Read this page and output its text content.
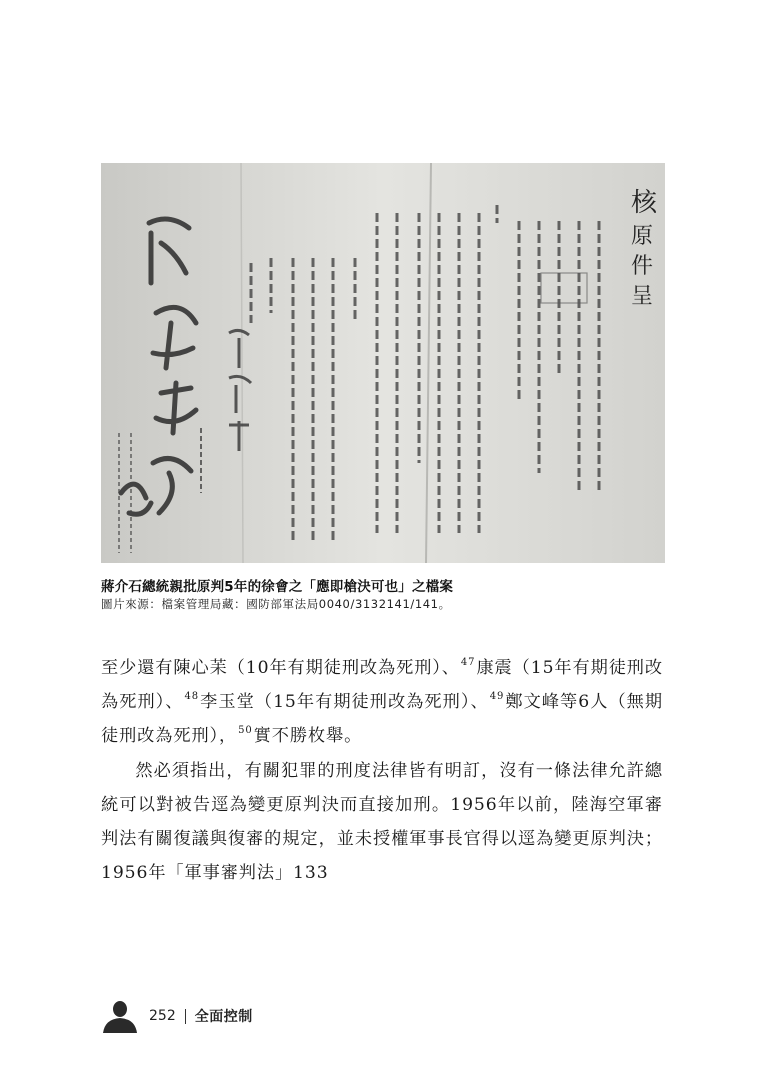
核
原
件
呈
蔣介石總統親批原判5年的徐會之「應即槍決可也」之檔案
圖片來源：檔案管理局藏：國防部軍法局0040/3132141/141。

至少還有陳心苿（10年有期徒刑改為死刑）、$^{47}$康震（15年有期徒刑改為死刑）、$^{48}$李玉堂（15年有期徒刑改為死刑）、$^{49}$鄭文峰等6人（無期徒刑改為死刑），$^{50}$實不勝枚舉。

然必須指出，有關犯罪的刑度法律皆有明訂，沒有一條法律允許總統可以對被告逕為變更原判決而直接加刑。1956年以前，陸海空軍審判法有關復議與復審的規定，並未授權軍事長官得以逕為變更原判決；1956年「軍事審判法」133

252 全面控制
